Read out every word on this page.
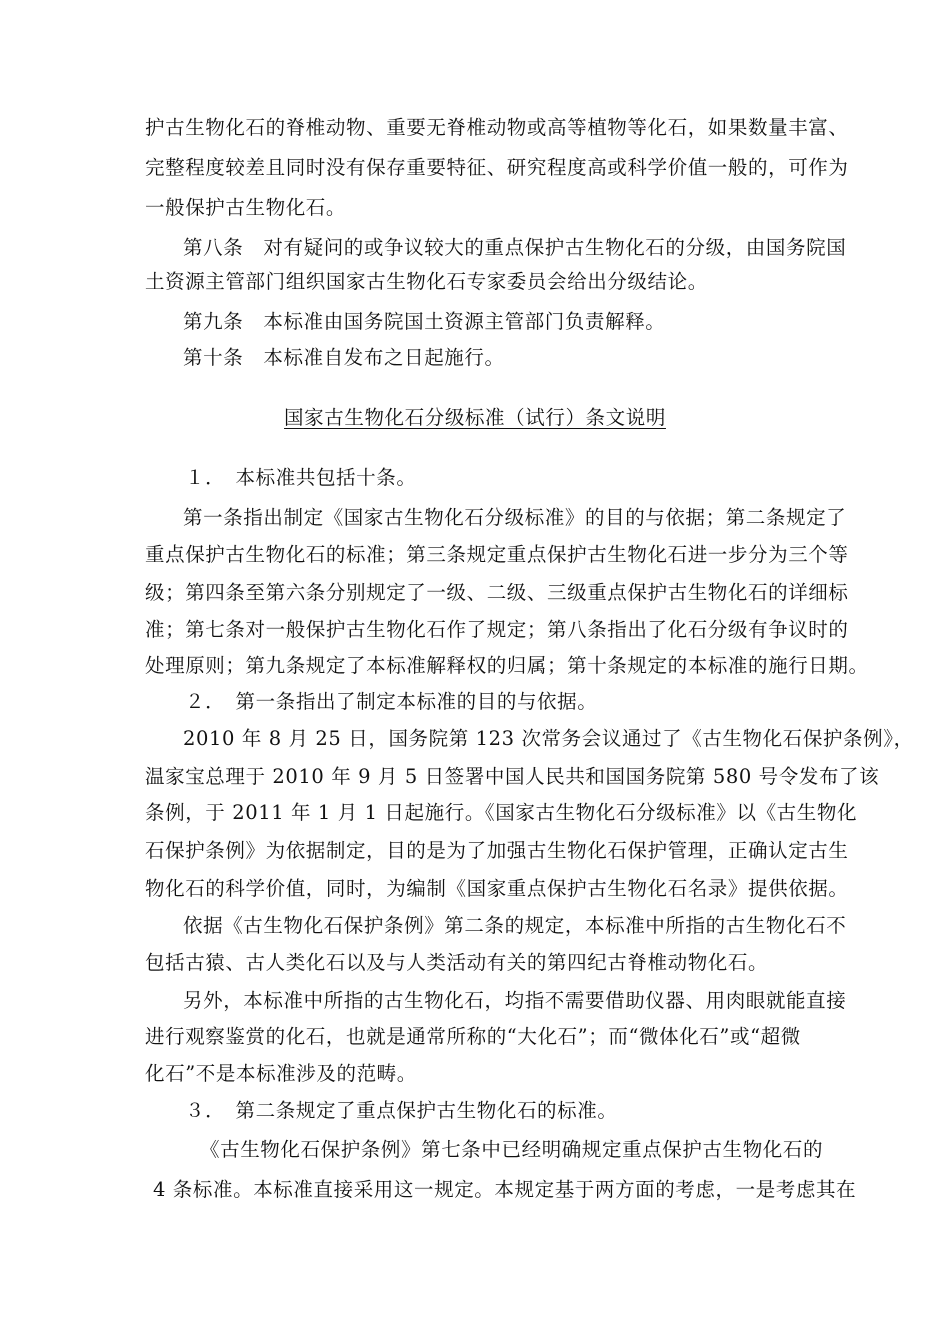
护古生物化石的脊椎动物、重要无脊椎动物或高等植物等化石，如果数量丰富、
完整程度较差且同时没有保存重要特征、研究程度高或科学价值一般的，可作为
一般保护古生物化石。
第八条　对有疑问的或争议较大的重点保护古生物化石的分级，由国务院国
土资源主管部门组织国家古生物化石专家委员会给出分级结论。
第九条　本标准由国务院国土资源主管部门负责解释。
第十条　本标准自发布之日起施行。
国家古生物化石分级标准（试行）条文说明
１．　本标准共包括十条。
第一条指出制定《国家古生物化石分级标准》的目的与依据；第二条规定了
重点保护古生物化石的标准；第三条规定重点保护古生物化石进一步分为三个等
级；第四条至第六条分别规定了一级、二级、三级重点保护古生物化石的详细标
准；第七条对一般保护古生物化石作了规定；第八条指出了化石分级有争议时的
处理原则；第九条规定了本标准解释权的归属；第十条规定的本标准的施行日期。
２．　第一条指出了制定本标准的目的与依据。
2010 年 8 月 25 日，国务院第 123 次常务会议通过了《古生物化石保护条例》，
温家宝总理于 2010 年 9 月 5 日签署中国人民共和国国务院第 580 号令发布了该
条例，于 2011 年 1 月 1 日起施行。《国家古生物化石分级标准》以《古生物化
石保护条例》为依据制定，目的是为了加强古生物化石保护管理，正确认定古生
物化石的科学价值，同时，为编制《国家重点保护古生物化石名录》提供依据。
依据《古生物化石保护条例》第二条的规定，本标准中所指的古生物化石不
包括古猿、古人类化石以及与人类活动有关的第四纪古脊椎动物化石。
另外，本标准中所指的古生物化石，均指不需要借助仪器、用肉眼就能直接
进行观察鉴赏的化石，也就是通常所称的“大化石”；而“微体化石”或“超微
化石”不是本标准涉及的范畴。
３．　第二条规定了重点保护古生物化石的标准。
《古生物化石保护条例》第七条中已经明确规定重点保护古生物化石的
4 条标准。本标准直接采用这一规定。本规定基于两方面的考虑，一是考虑其在
